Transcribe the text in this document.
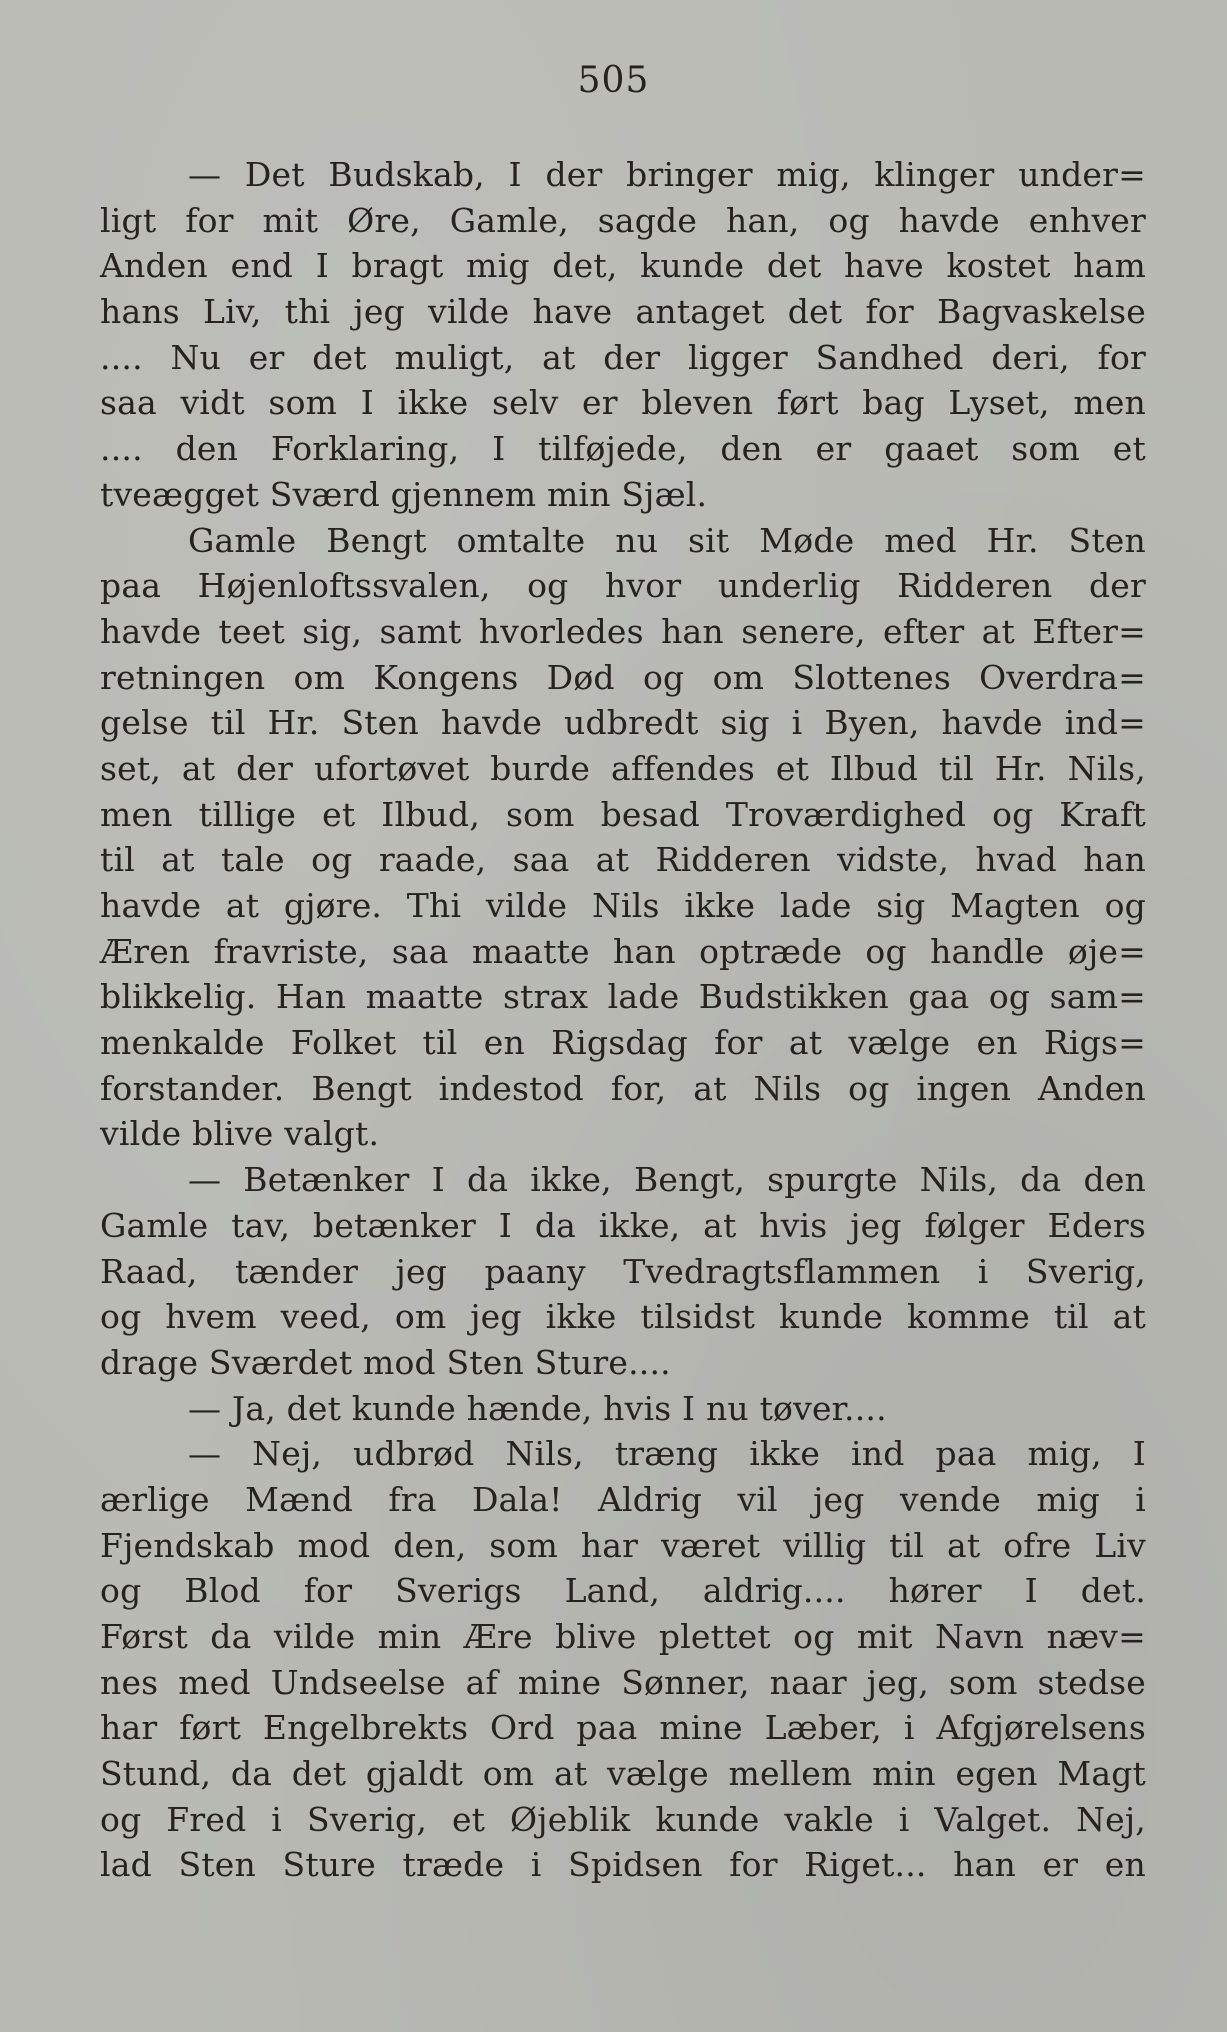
505
— Det Budskab, I der bringer mig, klinger under=
ligt for mit Øre, Gamle, sagde han, og havde enhver
Anden end I bragt mig det, kunde det have kostet ham
hans Liv, thi jeg vilde have antaget det for Bagvaskelse
.... Nu er det muligt, at der ligger Sandhed deri, for
saa vidt som I ikke selv er bleven ført bag Lyset, men
.... den Forklaring, I tilføjede, den er gaaet som et
tveægget Sværd gjennem min Sjæl.
Gamle Bengt omtalte nu sit Møde med Hr. Sten
paa Højenloftssvalen, og hvor underlig Ridderen der
havde teet sig, samt hvorledes han senere, efter at Efter=
retningen om Kongens Død og om Slottenes Overdra=
gelse til Hr. Sten havde udbredt sig i Byen, havde ind=
set, at der ufortøvet burde affendes et Ilbud til Hr. Nils,
men tillige et Ilbud, som besad Troværdighed og Kraft
til at tale og raade, saa at Ridderen vidste, hvad han
havde at gjøre. Thi vilde Nils ikke lade sig Magten og
Æren fravriste, saa maatte han optræde og handle øje=
blikkelig. Han maatte strax lade Budstikken gaa og sam=
menkalde Folket til en Rigsdag for at vælge en Rigs=
forstander. Bengt indestod for, at Nils og ingen Anden
vilde blive valgt.
— Betænker I da ikke, Bengt, spurgte Nils, da den
Gamle tav, betænker I da ikke, at hvis jeg følger Eders
Raad, tænder jeg paany Tvedragtsflammen i Sverig,
og hvem veed, om jeg ikke tilsidst kunde komme til at
drage Sværdet mod Sten Sture....
— Ja, det kunde hænde, hvis I nu tøver....
— Nej, udbrød Nils, træng ikke ind paa mig, I
ærlige Mænd fra Dala! Aldrig vil jeg vende mig i
Fjendskab mod den, som har været villig til at ofre Liv
og Blod for Sverigs Land, aldrig.... hører I det.
Først da vilde min Ære blive plettet og mit Navn næv=
nes med Undseelse af mine Sønner, naar jeg, som stedse
har ført Engelbrekts Ord paa mine Læber, i Afgjørelsens
Stund, da det gjaldt om at vælge mellem min egen Magt
og Fred i Sverig, et Øjeblik kunde vakle i Valget. Nej,
lad Sten Sture træde i Spidsen for Riget... han er en
